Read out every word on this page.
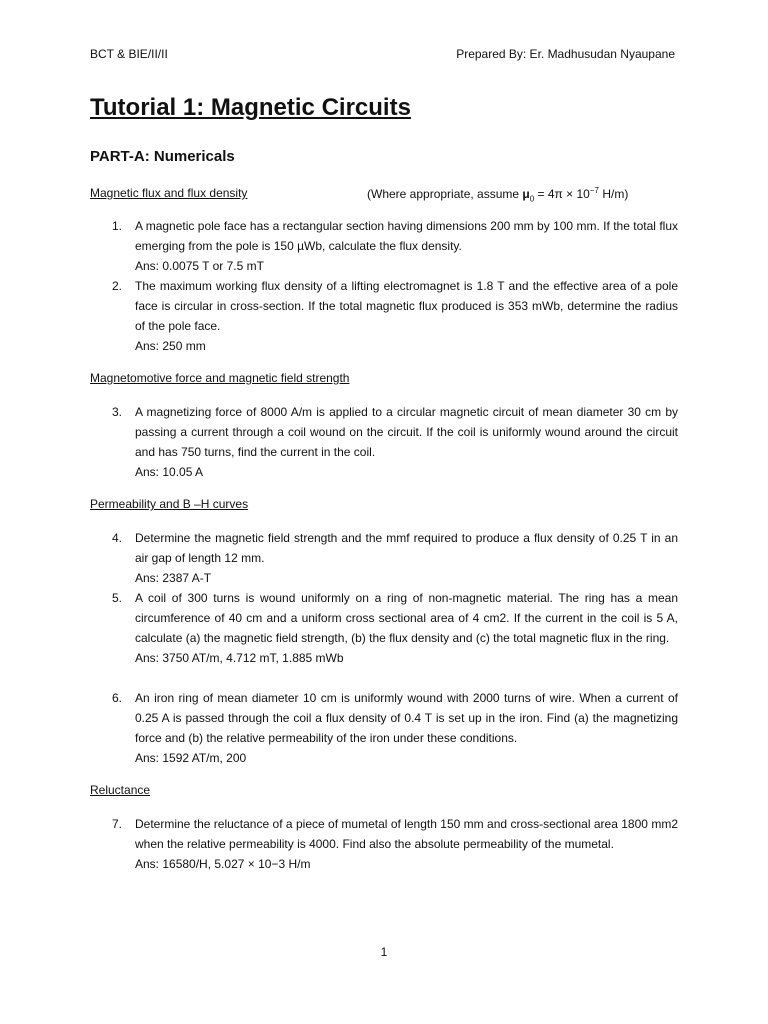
BCT & BIE/II/II	Prepared By: Er. Madhusudan Nyaupane
Tutorial 1: Magnetic Circuits
PART-A: Numericals
Magnetic flux and flux density	(Where appropriate, assume $\mu_0 = 4\pi \times 10^{-7}$ H/m)
1. A magnetic pole face has a rectangular section having dimensions 200 mm by 100 mm. If the total flux emerging from the pole is 150 µWb, calculate the flux density.
Ans: 0.0075 T or 7.5 mT
2. The maximum working flux density of a lifting electromagnet is 1.8 T and the effective area of a pole face is circular in cross-section. If the total magnetic flux produced is 353 mWb, determine the radius of the pole face.
Ans: 250 mm
Magnetomotive force and magnetic field strength
3. A magnetizing force of 8000 A/m is applied to a circular magnetic circuit of mean diameter 30 cm by passing a current through a coil wound on the circuit. If the coil is uniformly wound around the circuit and has 750 turns, find the current in the coil.
Ans: 10.05 A
Permeability and B –H curves
4. Determine the magnetic field strength and the mmf required to produce a flux density of 0.25 T in an air gap of length 12 mm.
Ans: 2387 A-T
5. A coil of 300 turns is wound uniformly on a ring of non-magnetic material. The ring has a mean circumference of 40 cm and a uniform cross sectional area of 4 cm2. If the current in the coil is 5 A, calculate (a) the magnetic field strength, (b) the flux density and (c) the total magnetic flux in the ring.
Ans: 3750 AT/m, 4.712 mT, 1.885 mWb
6. An iron ring of mean diameter 10 cm is uniformly wound with 2000 turns of wire. When a current of 0.25 A is passed through the coil a flux density of 0.4 T is set up in the iron. Find (a) the magnetizing force and (b) the relative permeability of the iron under these conditions.
Ans: 1592 AT/m, 200
Reluctance
7. Determine the reluctance of a piece of mumetal of length 150 mm and cross-sectional area 1800 mm2 when the relative permeability is 4000. Find also the absolute permeability of the mumetal.
Ans: 16580/H, 5.027 × 10−3 H/m
1
